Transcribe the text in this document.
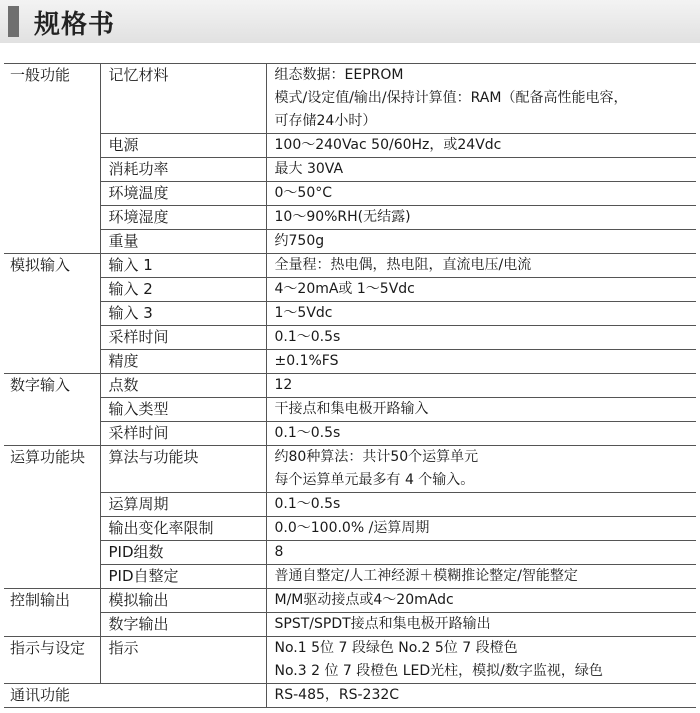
规格书
一般功能	记忆材料	组态数据：EEPROM
模式/设定值/输出/保持计算值：RAM（配备高性能电容，
可存储24小时）

	电源	100～240Vac 50/60Hz，或24Vdc

	消耗功率	最大 30VA

	环境温度	0～50°C

	环境湿度	10～90%RH(无结露)

	重量	约750g

模拟输入	输入 1	全量程：热电偶，热电阻，直流电压/电流

	输入 2	4～20mA或 1～5Vdc

	输入 3	1～5Vdc

	采样时间	0.1～0.5s

	精度	±0.1%FS

数字输入	点数	12

	输入类型	干接点和集电极开路输入

	采样时间	0.1～0.5s

运算功能块	算法与功能块	约80种算法：共计50个运算单元
每个运算单元最多有 4 个输入。

	运算周期	0.1～0.5s

	输出变化率限制	0.0～100.0% /运算周期

	PID组数	8

	PID自整定	普通自整定/人工神经源＋模糊推论整定/智能整定

控制输出	模拟输出	M/M驱动接点或4～20mAdc

	数字输出	SPST/SPDT接点和集电极开路输出

指示与设定	指示	No.1 5位 7 段绿色 No.2 5位 7 段橙色
No.3 2 位 7 段橙色 LED光柱，模拟/数字监视，绿色

通讯功能		RS-485，RS-232C
